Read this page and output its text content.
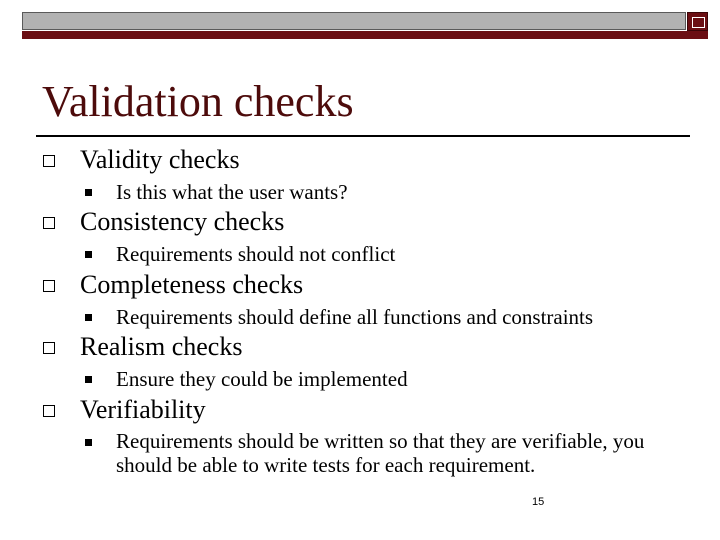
Validation checks
Validity checks
Is this what the user wants?
Consistency checks
Requirements should not conflict
Completeness checks
Requirements should define all functions and constraints
Realism checks
Ensure they could be implemented
Verifiability
Requirements should be written so that they are verifiable, you should be able to write tests for each requirement.
15
